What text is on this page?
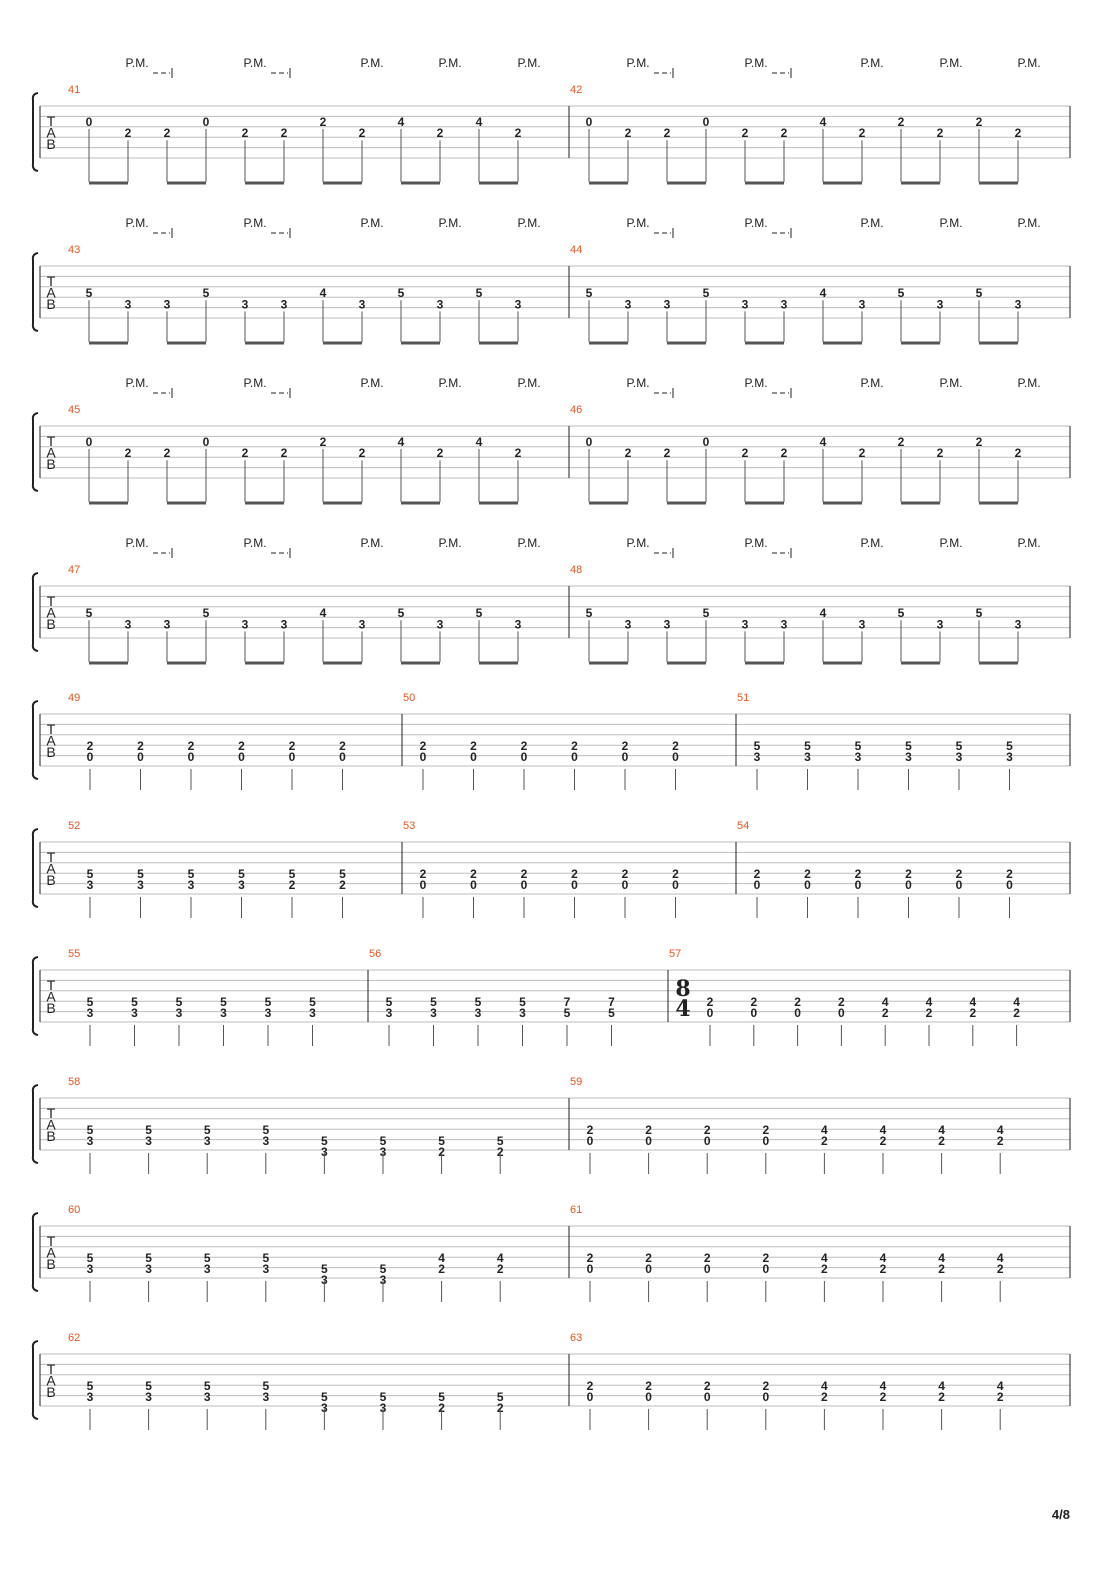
T
A
B
P.M.	P.M.	P.M.	P.M.	P.M.	P.M.	P.M.	P.M.	P.M.	P.M.
41
0
2	2
0
2	2
2
2
4
2
4
2
42
0
2	2
0
2	2
4
2
2
2
2
2
T
A
B
P.M.	P.M.	P.M.	P.M.	P.M.	P.M.	P.M.	P.M.	P.M.	P.M.
43
5
3	3
5
3	3
4
3
5
3
5
3
44
5
3	3
5
3	3
4
3
5
3
5
3
T
A
B
P.M.	P.M.	P.M.	P.M.	P.M.	P.M.	P.M.	P.M.	P.M.	P.M.
45
0
2	2
0
2	2
2
2
4
2
4
2
46
0
2	2
0
2	2
4
2
2
2
2
2
T
A
B
P.M.	P.M.	P.M.	P.M.	P.M.	P.M.	P.M.	P.M.	P.M.	P.M.
47
5
3	3
5
3	3
4
3
5
3
5
3
48
5
3	3
5
3	3
4
3
5
3
5
3
T
A
B
49
2
0
2
0
2
0
2
0
2
0
2
0
50
2
0
2
0
2
0
2
0
2
0
2
0
51
5
3
5
3
5
3
5
3
5
3
5
3
T
A
B
52
5
3
5
3
5
3
5
3
5
2
5
2
53
2
0
2
0
2
0
2
0
2
0
2
0
54
2
0
2
0
2
0
2
0
2
0
2
0
T
A
B
55
5
3
5
3
5
3
5
3
5
3
5
3
56
5
3
5
3
5
3
5
3
7
5
7
5
57
2
0
2
0
2
0
2
0
4
2
4
2
4
2
4
2
8
4
T
A
B
58
5
3
5
3
5
3
5
3	5
3
5
3
5
2
5
2
59
2
0
2
0
2
0
2
0
4
2
4
2
4
2
4
2
T
A
B
60
5
3
5
3
5
3
5
3	5
3
5
3
4
2
4
2
61
2
0
2
0
2
0
2
0
4
2
4
2
4
2
4
2
T
A
B
62
5
3
5
3
5
3
5
3	5
3
5
3
5
2
5
2
63
2
0
2
0
2
0
2
0
4
2
4
2
4
2
4
2
4/8
